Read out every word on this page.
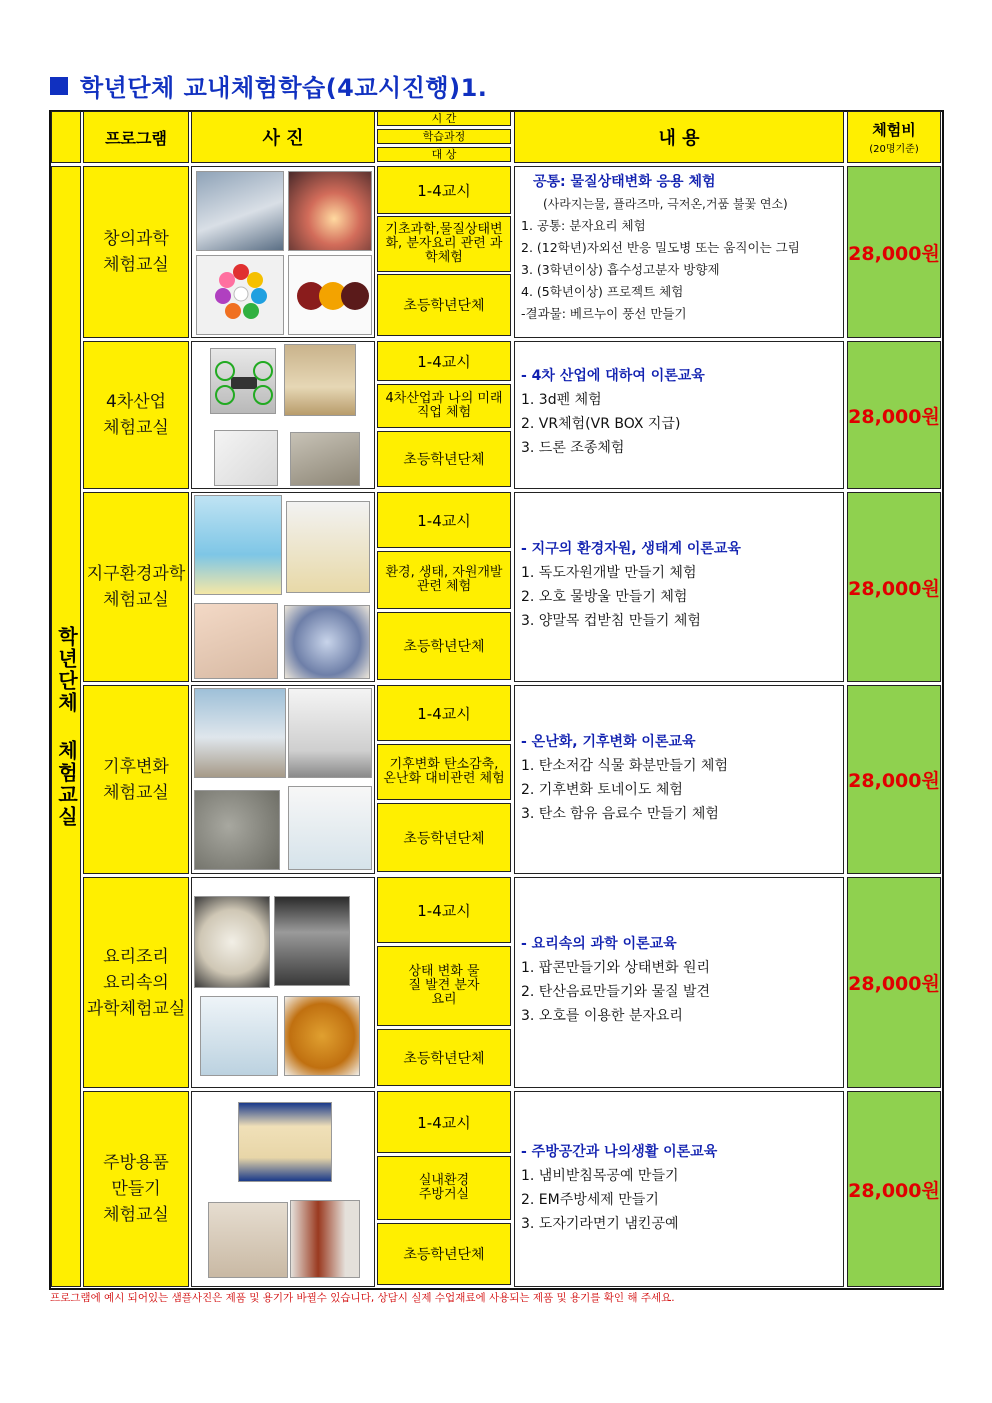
학년단체 교내체험학습(4교시진행)1.
프로그램	사 진
시 간
학습과정
대 상
내 용	체험비
(20명기준)
학년단체 체험교실
창의과학
체험교실
1-4교시
기초과학,물질상태변화, 분자요리 관련 과학체험
초등학년단체
공통: 물질상태변화 응용 체험
(사라지는물, 플라즈마, 극저온,거품 불꽃 연소)
1. 공통: 분자요리 체험
2. (12학년)자외선 반응 밀도병 또는 움직이는 그림
3. (3학년이상) 흡수성고분자 방향제
4. (5학년이상) 프로젝트 체험
-결과물: 베르누이 풍선 만들기
28,000원
4차산업
체험교실
1-4교시
4차산업과 나의 미래직업 체험
초등학년단체
- 4차 산업에 대하여 이론교육
1. 3d펜 체험
2. VR체험(VR BOX 지급)
3. 드론 조종체험
28,000원
지구환경과학
체험교실
1-4교시
환경, 생태, 자원개발관련 체험
초등학년단체
- 지구의 환경자원, 생태계 이론교육
1. 독도자원개발 만들기 체험
2. 오호 물방울 만들기 체험
3. 양말목 컵받침 만들기 체험
28,000원
기후변화
체험교실
1-4교시
기후변화 탄소감축, 온난화 대비관련 체험
초등학년단체
- 온난화, 기후변화 이론교육
1. 탄소저감 식물 화분만들기 체험
2. 기후변화 토네이도 체험
3. 탄소 함유 음료수 만들기 체험
28,000원
요리조리
요리속의
과학체험교실
1-4교시
상태 변화 물질 발견 분자 요리
초등학년단체
- 요리속의 과학 이론교육
1. 팝콘만들기와 상태변화 원리
2. 탄산음료만들기와 물질 발견
3. 오호를 이용한 분자요리
28,000원
주방용품
만들기
체험교실
1-4교시
실내환경 주방거실
초등학년단체
- 주방공간과 나의생활 이론교육
1. 냄비받침목공예 만들기
2. EM주방세제 만들기
3. 도자기라면기 냄킨공예
28,000원
프로그램에 예시 되어있는 샘플사진은 제품 및 용기가 바뀔수 있습니다, 상담시 실제 수업재료에 사용되는 제품 및 용기를 확인 해 주세요.
